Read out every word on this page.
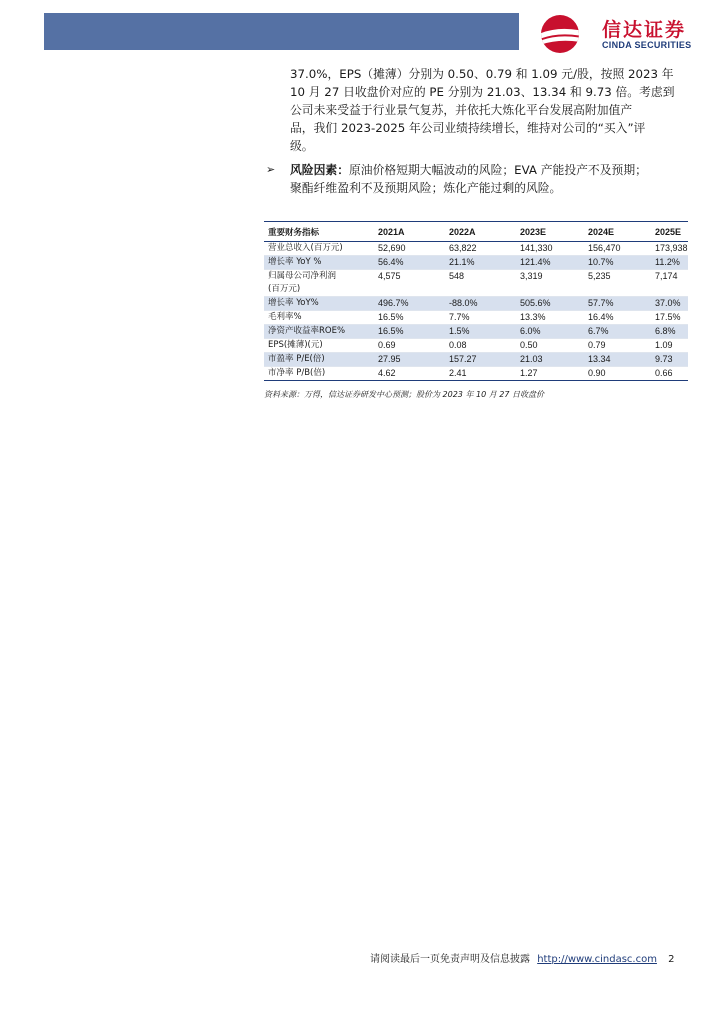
信达证券
CINDA SECURITIES
37.0%，EPS（摊薄）分别为 0.50、0.79 和 1.09 元/股，按照 2023 年
10 月 27 日收盘价对应的 PE 分别为 21.03、13.34 和 9.73 倍。考虑到
公司未来受益于行业景气复苏，并依托大炼化平台发展高附加值产
品，我们 2023-2025 年公司业绩持续增长，维持对公司的“买入”评
级。
➢	风险因素：原油价格短期大幅波动的风险；EVA 产能投产不及预期；
聚酯纤维盈利不及预期风险；炼化产能过剩的风险。
重要财务指标	2021A	2022A	2023E	2024E	2025E
营业总收入(百万元)	52,690	63,822	141,330	156,470	173,938
增长率 YoY %	56.4%	21.1%	121.4%	10.7%	11.2%
归属母公司净利润
(百万元)	4,575	548	3,319	5,235	7,174
增长率 YoY%	496.7%	-88.0%	505.6%	57.7%	37.0%
毛利率%	16.5%	7.7%	13.3%	16.4%	17.5%
净资产收益率ROE%	16.5%	1.5%	6.0%	6.7%	6.8%
EPS(摊薄)(元)	0.69	0.08	0.50	0.79	1.09
市盈率 P/E(倍)	27.95	157.27	21.03	13.34	9.73
市净率 P/B(倍)	4.62	2.41	1.27	0.90	0.66
资料来源：万得，信达证券研发中心预测；股价为 2023 年 10 月 27 日收盘价
请阅读最后一页免责声明及信息披露 http://www.cindasc.com 2
